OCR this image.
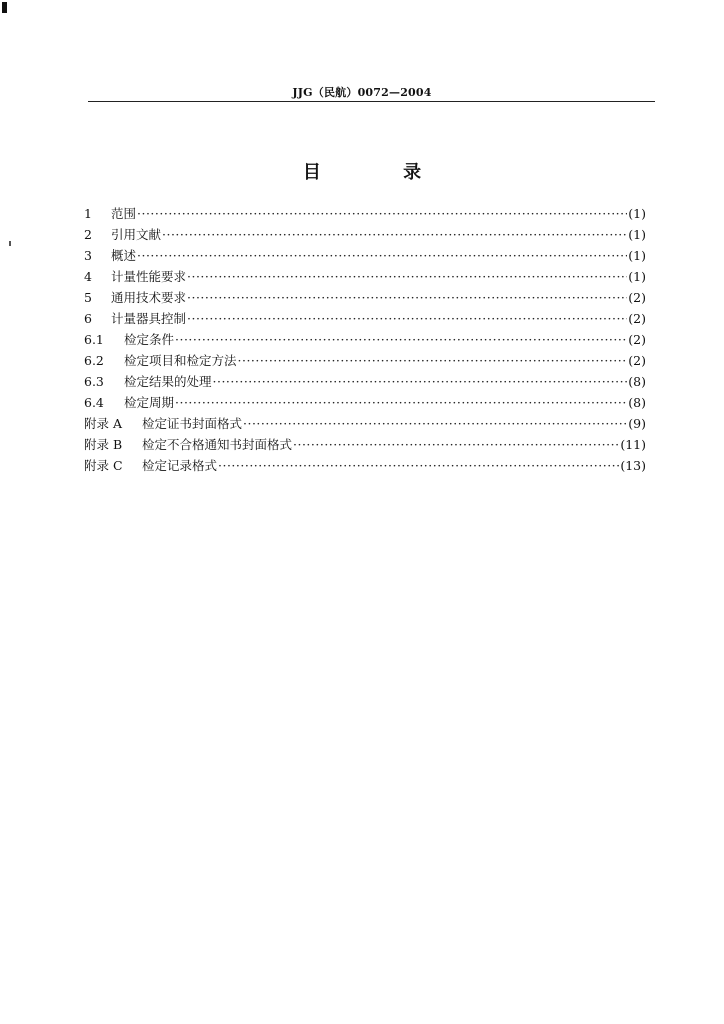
JJG（民航）0072—2004
目 录
1	范围 ·····	(1)
2	引用文献 ·····	(1)
3	概述 ·····	(1)
4	计量性能要求 ·····	(1)
5	通用技术要求 ·····	(2)
6	计量器具控制 ·····	(2)
6.1	检定条件 ·····	(2)
6.2	检定项目和检定方法 ·····	(2)
6.3	检定结果的处理 ·····	(8)
6.4	检定周期 ·····	(8)
附录 A	检定证书封面格式 ·····	(9)
附录 B	检定不合格通知书封面格式 ·····	(11)
附录 C	检定记录格式 ·····	(13)
